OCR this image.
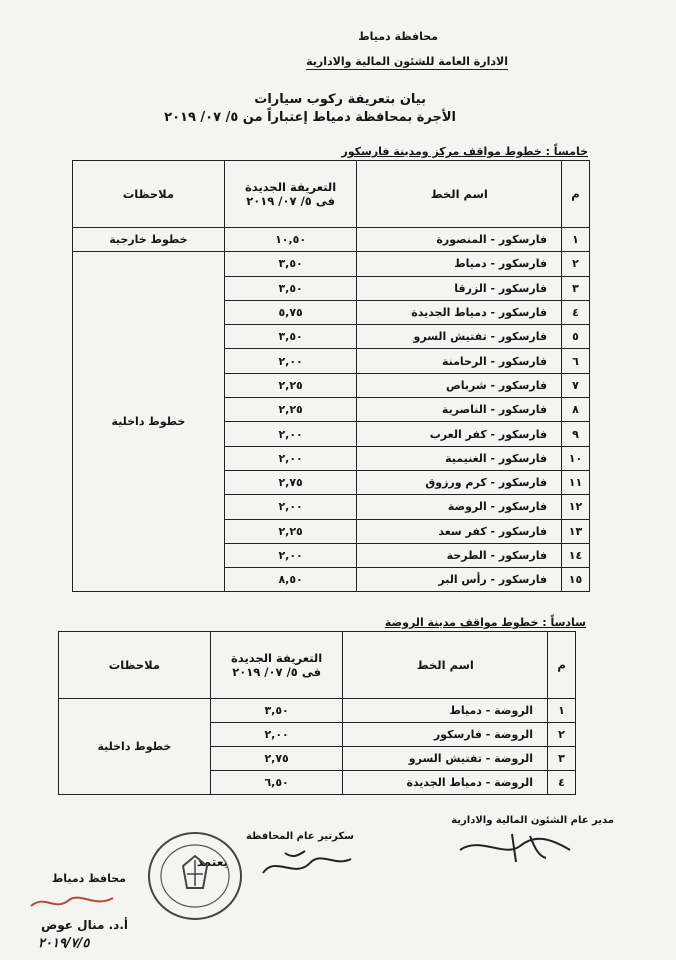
محافظة دمياط
الادارة العامة للشئون المالية والادارية
بيان بتعريفة ركوب سيارات
الأجرة بمحافظة دمياط إعتباراً من ٥/ ٠٧/ ٢٠١٩
خامساً : خطوط مواقف مركز ومدينة فارسكور
م	اسم الخط	التعريفة الجديدة
فى ٥/ ٠٧/ ٢٠١٩	ملاحظات
١	فارسكور - المنصورة	١٠,٥٠	خطوط خارجية
٢	فارسكور - دمياط	٣,٥٠	خطوط داخلية
٣	فارسكور - الزرقا	٣,٥٠	
٤	فارسكور - دمياط الجديدة	٥,٧٥	
٥	فارسكور - تفتيش السرو	٣,٥٠	
٦	فارسكور - الرحامنة	٢,٠٠	
٧	فارسكور - شرباص	٢,٢٥	
٨	فارسكور - الناصرية	٢,٢٥	
٩	فارسكور - كفر العرب	٢,٠٠	
١٠	فارسكور - الغنيمية	٢,٠٠	
١١	فارسكور - كرم ورزوق	٢,٧٥	
١٢	فارسكور - الروضة	٢,٠٠	
١٣	فارسكور - كفر سعد	٢,٢٥	
١٤	فارسكور - الطرحة	٢,٠٠	
١٥	فارسكور - رأس البر	٨,٥٠	
سادساً : خطوط مواقف مدينة الروضة
م	اسم الخط	التعريفة الجديدة
فى ٥/ ٠٧/ ٢٠١٩	ملاحظات
١	الروضة - دمياط	٣,٥٠	خطوط داخلية
٢	الروضة - فارسكور	٢,٠٠	
٣	الروضة - تفتيش السرو	٢,٧٥	
٤	الروضة - دمياط الجديدة	٦,٥٠	
مدير عام الشئون المالية والادارية
سكرتير عام المحافظة
يعتمد
محافظ دمياط
أ.د. منال عوض
٢٠١٩/٧/٥
